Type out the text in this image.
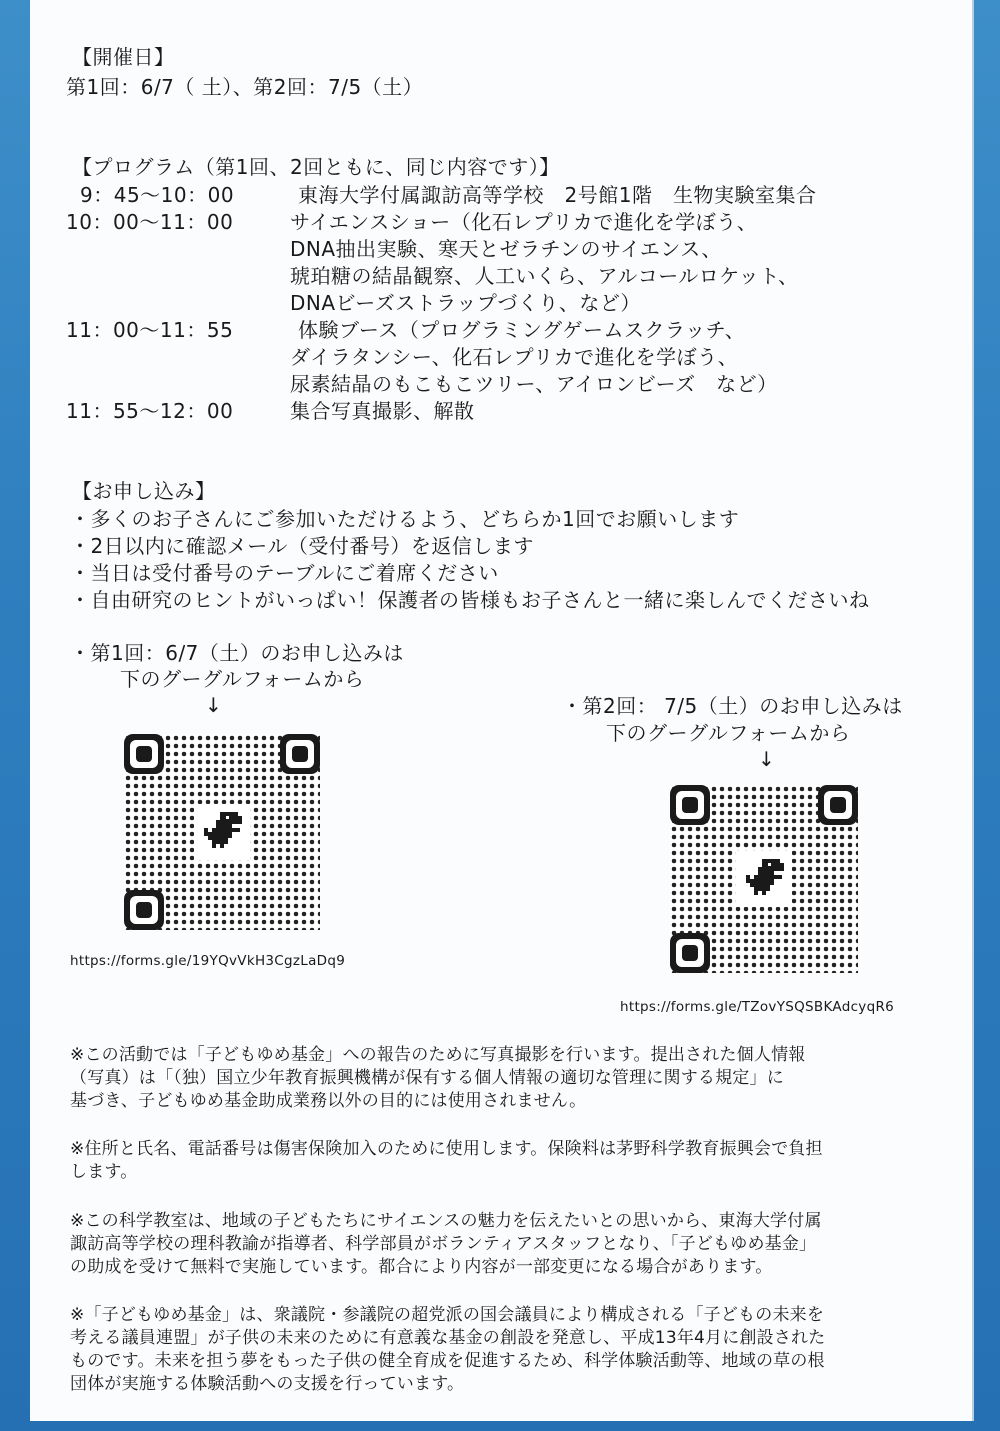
【開催日】
第1回：6/7（ 土）、第2回：7/5（土）
【プログラム（第1回、2回ともに、同じ内容です）】
9：45〜10：00	東海大学付属諏訪高等学校　2号館1階　生物実験室集合
10：00〜11：00	サイエンスショー（化石レプリカで進化を学ぼう、
DNA抽出実験、寒天とゼラチンのサイエンス、
琥珀糖の結晶観察、人工いくら、アルコールロケット、
DNAビーズストラップづくり、など）
11：00〜11：55	体験ブース（プログラミングゲームスクラッチ、
ダイラタンシー、化石レプリカで進化を学ぼう、
尿素結晶のもこもこツリー、アイロンビーズ　など）
11：55〜12：00	集合写真撮影、解散
【お申し込み】
・多くのお子さんにご参加いただけるよう、どちらか1回でお願いします
・2日以内に確認メール（受付番号）を返信します
・当日は受付番号のテーブルにご着席ください
・自由研究のヒントがいっぱい！保護者の皆様もお子さんと一緒に楽しんでくださいね
・第1回：6/7（土）のお申し込みは
下のグーグルフォームから
↓
https://forms.gle/19YQvVkH3CgzLaDq9
・第2回： 7/5（土）のお申し込みは
下のグーグルフォームから
↓
https://forms.gle/TZovYSQSBKAdcyqR6
※この活動では「子どもゆめ基金」への報告のために写真撮影を行います。提出された個人情報
（写真）は「（独）国立少年教育振興機構が保有する個人情報の適切な管理に関する規定」に
基づき、子どもゆめ基金助成業務以外の目的には使用されません。
※住所と氏名、電話番号は傷害保険加入のために使用します。保険料は茅野科学教育振興会で負担
します。
※この科学教室は、地域の子どもたちにサイエンスの魅力を伝えたいとの思いから、東海大学付属
諏訪高等学校の理科教諭が指導者、科学部員がボランティアスタッフとなり、「子どもゆめ基金」
の助成を受けて無料で実施しています。都合により内容が一部変更になる場合があります。
※「子どもゆめ基金」は、衆議院・参議院の超党派の国会議員により構成される「子どもの未来を
考える議員連盟」が子供の未来のために有意義な基金の創設を発意し、平成13年4月に創設された
ものです。未来を担う夢をもった子供の健全育成を促進するため、科学体験活動等、地域の草の根
団体が実施する体験活動への支援を行っています。
